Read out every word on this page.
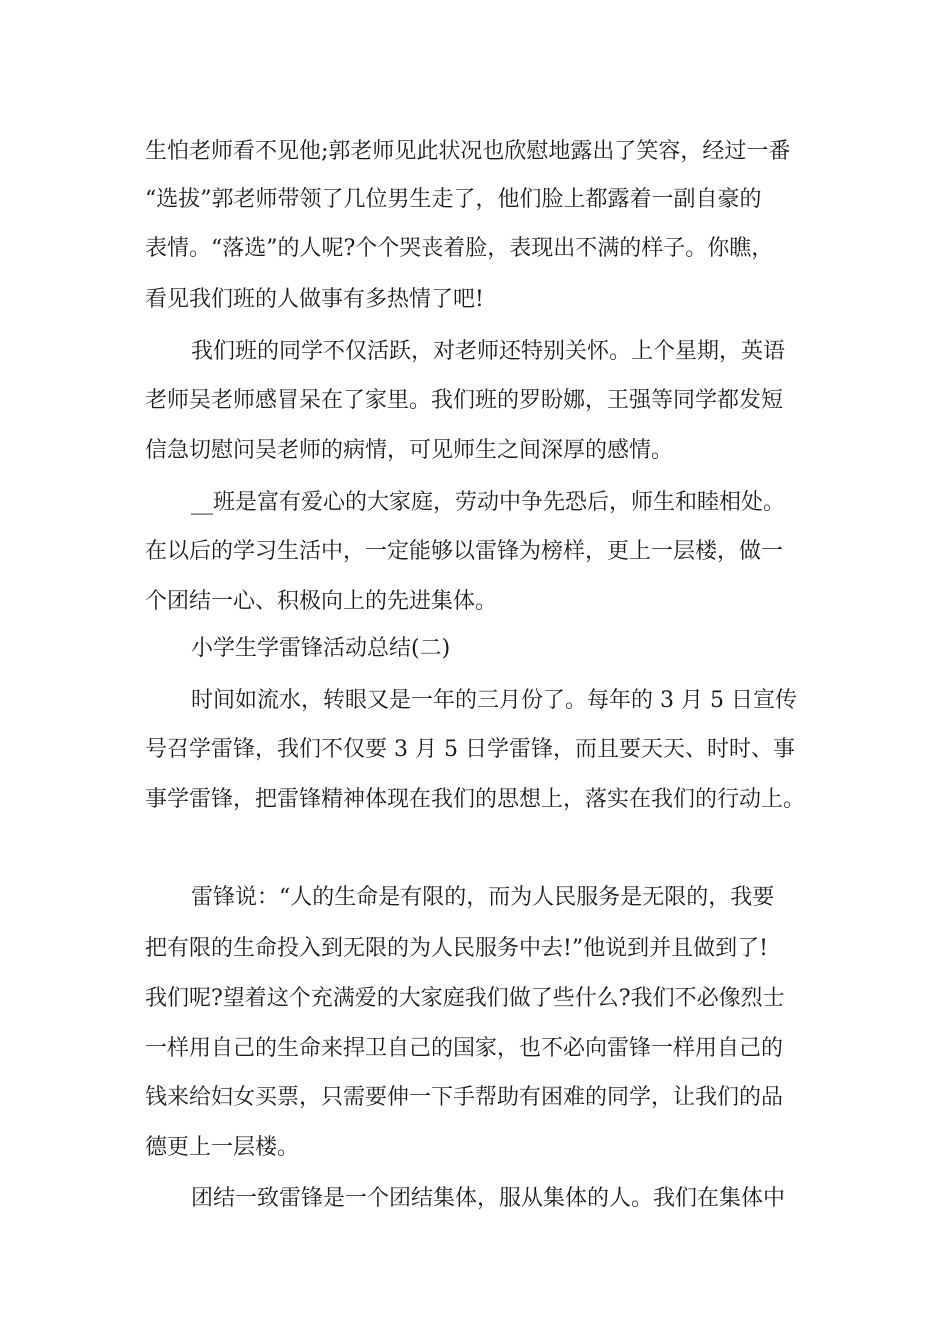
生怕老师看不见他;郭老师见此状况也欣慰地露出了笑容，经过一番

“选拔”郭老师带领了几位男生走了，他们脸上都露着一副自豪的

表情。“落选”的人呢?个个哭丧着脸，表现出不满的样子。你瞧，

看见我们班的人做事有多热情了吧!

我们班的同学不仅活跃，对老师还特别关怀。上个星期，英语

老师吴老师感冒呆在了家里。我们班的罗盼娜，王强等同学都发短

信急切慰问吴老师的病情，可见师生之间深厚的感情。

__班是富有爱心的大家庭，劳动中争先恐后，师生和睦相处。

在以后的学习生活中，一定能够以雷锋为榜样，更上一层楼，做一

个团结一心、积极向上的先进集体。

小学生学雷锋活动总结(二)

时间如流水，转眼又是一年的三月份了。每年的 3 月 5 日宣传

号召学雷锋，我们不仅要 3 月 5 日学雷锋，而且要天天、时时、事

事学雷锋，把雷锋精神体现在我们的思想上，落实在我们的行动上。

雷锋说：“人的生命是有限的，而为人民服务是无限的，我要

把有限的生命投入到无限的为人民服务中去!”他说到并且做到了!

我们呢?望着这个充满爱的大家庭我们做了些什么?我们不必像烈士

一样用自己的生命来捍卫自己的国家，也不必向雷锋一样用自己的

钱来给妇女买票，只需要伸一下手帮助有困难的同学，让我们的品

德更上一层楼。

团结一致雷锋是一个团结集体，服从集体的人。我们在集体中
